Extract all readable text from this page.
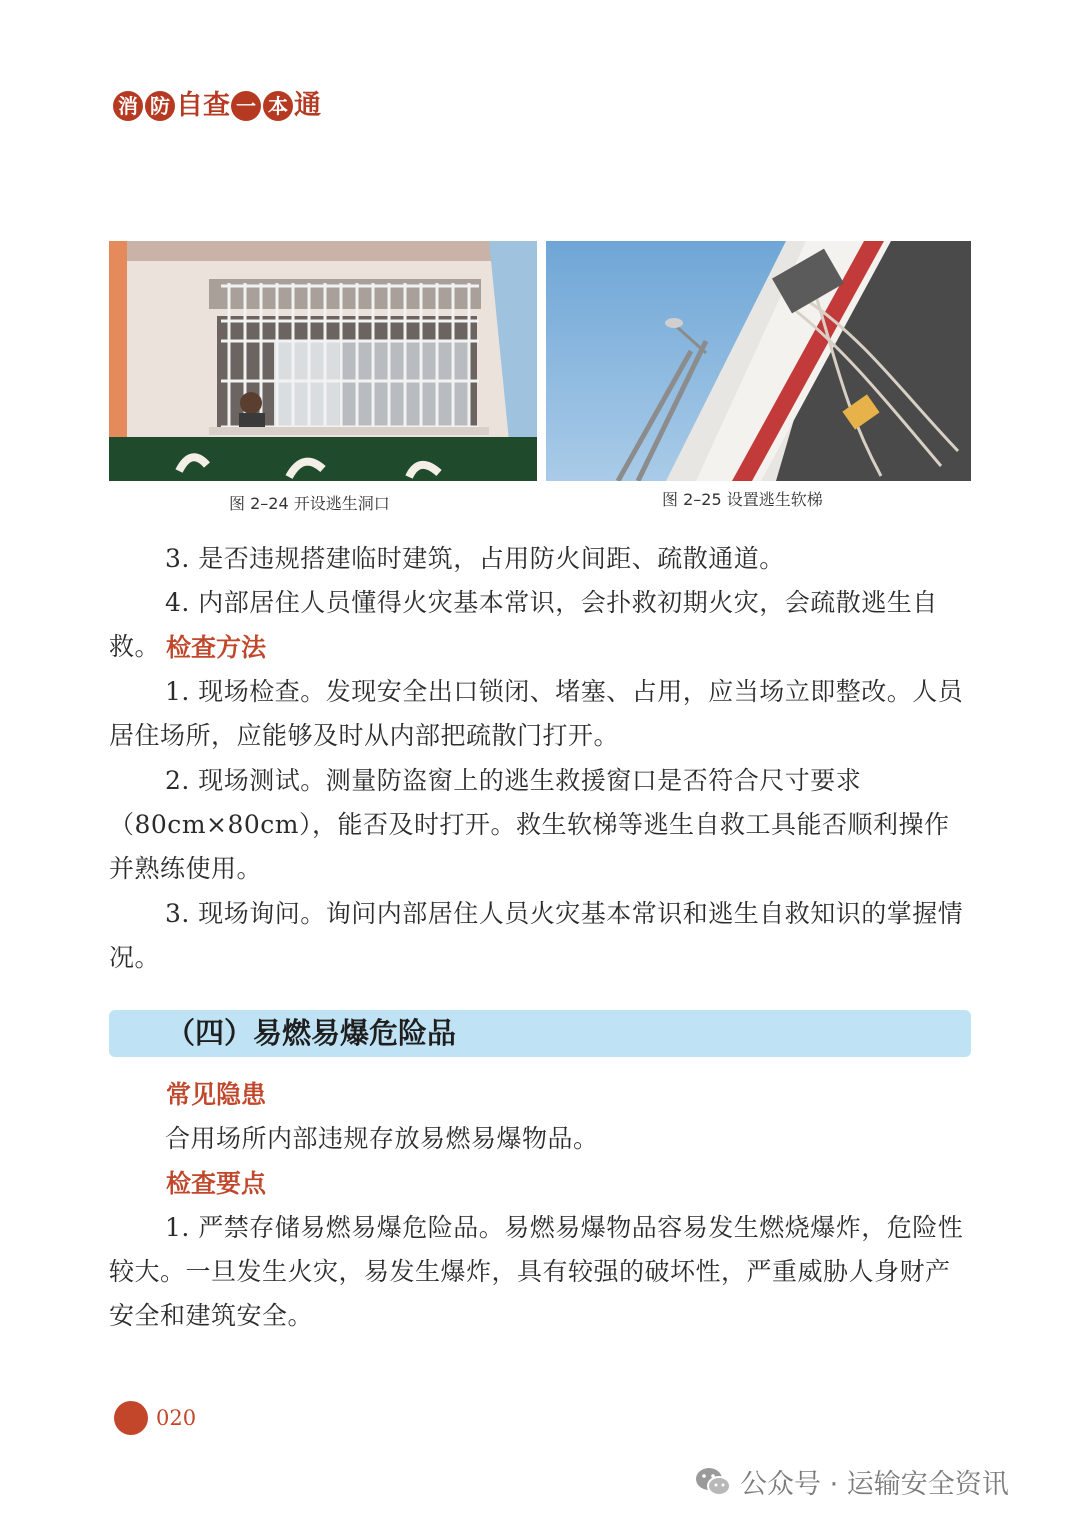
消 防 自 查 一 本 通
图 2–24 开设逃生洞口	图 2–25 设置逃生软梯
3. 是否违规搭建临时建筑，占用防火间距、疏散通道。
4. 内部居住人员懂得火灾基本常识，会扑救初期火灾，会疏散逃生自救。 检查方法
1. 现场检查。发现安全出口锁闭、堵塞、占用，应当场立即整改。人员居住场所，应能够及时从内部把疏散门打开。
2. 现场测试。测量防盗窗上的逃生救援窗口是否符合尺寸要求（80cm×80cm），能否及时打开。救生软梯等逃生自救工具能否顺利操作并熟练使用。
3. 现场询问。询问内部居住人员火灾基本常识和逃生自救知识的掌握情况。
（四）易燃易爆危险品
常见隐患
合用场所内部违规存放易燃易爆物品。
检查要点
1. 严禁存储易燃易爆危险品。易燃易爆物品容易发生燃烧爆炸，危险性较大。一旦发生火灾，易发生爆炸，具有较强的破坏性，严重威胁人身财产安全和建筑安全。
020
公众号 · 运输安全资讯
